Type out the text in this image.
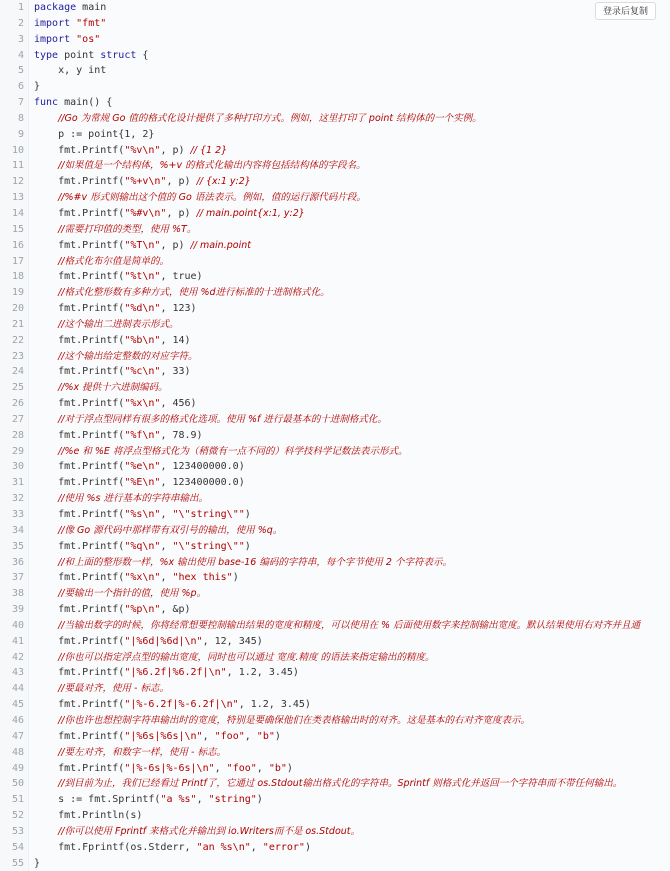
1 package main
2 import "fmt"
3 import "os"
4 type point struct {
5 x, y int
6 }
7 func main() {
8	//Go 为常规 Go 值的格式化设计提供了多种打印方式。例如，这里打印了 point 结构体的一个实例。
9 p := point{1, 2}
10 fmt.Printf("%v\n", p) // {1 2}
11	//如果值是一个结构体，%+v 的格式化输出内容将包括结构体的字段名。
12 fmt.Printf("%+v\n", p) // {x:1 y:2}
13	//%#v 形式则输出这个值的 Go 语法表示。例如，值的运行源代码片段。
14 fmt.Printf("%#v\n", p) // main.point{x:1, y:2}
15	//需要打印值的类型，使用 %T。
16 fmt.Printf("%T\n", p) // main.point
17	//格式化布尔值是简单的。
18 fmt.Printf("%t\n", true)
19	//格式化整形数有多种方式，使用 %d进行标准的十进制格式化。
20 fmt.Printf("%d\n", 123)
21	//这个输出二进制表示形式。
22 fmt.Printf("%b\n", 14)
23	//这个输出给定整数的对应字符。
24 fmt.Printf("%c\n", 33)
25	//%x 提供十六进制编码。
26 fmt.Printf("%x\n", 456)
27	//对于浮点型同样有很多的格式化选项。使用 %f 进行最基本的十进制格式化。
28 fmt.Printf("%f\n", 78.9)
29	//%e 和 %E 将浮点型格式化为（稍微有一点不同的）科学技科学记数法表示形式。
30 fmt.Printf("%e\n", 123400000.0)
31 fmt.Printf("%E\n", 123400000.0)
32	//使用 %s 进行基本的字符串输出。
33 fmt.Printf("%s\n", "\"string\"")
34	//像 Go 源代码中那样带有双引号的输出，使用 %q。
35 fmt.Printf("%q\n", "\"string\"")
36	//和上面的整形数一样，%x 输出使用 base-16 编码的字符串，每个字节使用 2 个字符表示。
37 fmt.Printf("%x\n", "hex this")
38	//要输出一个指针的值，使用 %p。
39 fmt.Printf("%p\n", &p)
40	//当输出数字的时候，你将经常想要控制输出结果的宽度和精度，可以使用在 % 后面使用数字来控制输出宽度。默认结果使用右对齐并且通
41 fmt.Printf("|%6d|%6d|\n", 12, 345)
42	//你也可以指定浮点型的输出宽度，同时也可以通过 宽度.精度 的语法来指定输出的精度。
43 fmt.Printf("|%6.2f|%6.2f|\n", 1.2, 3.45)
44	//要最对齐，使用 - 标志。
45 fmt.Printf("|%-6.2f|%-6.2f|\n", 1.2, 3.45)
46	//你也许也想控制字符串输出时的宽度，特别是要确保他们在类表格输出时的对齐。这是基本的右对齐宽度表示。
47 fmt.Printf("|%6s|%6s|\n", "foo", "b")
48	//要左对齐，和数字一样，使用 - 标志。
49 fmt.Printf("|%-6s|%-6s|\n", "foo", "b")
50	//到目前为止，我们已经看过 Printf了，它通过 os.Stdout输出格式化的字符串。Sprintf 则格式化并返回一个字符串而不带任何输出。
51 s := fmt.Sprintf("a %s", "string")
52 fmt.Println(s)
53	//你可以使用 Fprintf 来格式化并输出到 io.Writers而不是 os.Stdout。
54 fmt.Fprintf(os.Stderr, "an %s\n", "error")
55 }
登录后复制
